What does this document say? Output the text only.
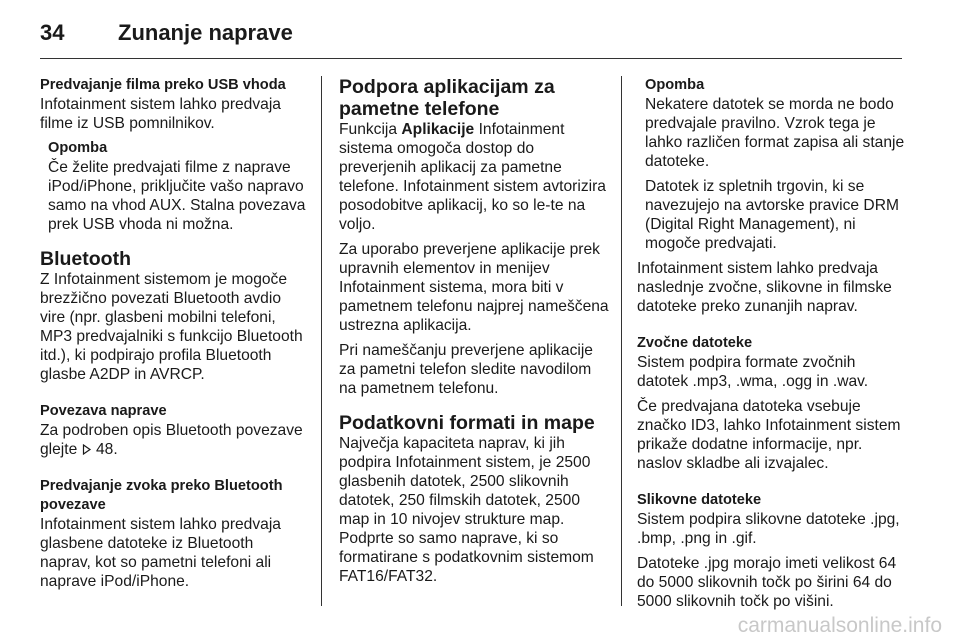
34 Zunanje naprave

Predvajanje filma preko USB vhoda

Infotainment sistem lahko predvaja filme iz USB pomnilnikov.

Opomba

Če želite predvajati filme z naprave iPod/iPhone, priključite vašo napravo samo na vhod AUX. Stalna povezava prek USB vhoda ni možna.

Bluetooth

Z Infotainment sistemom je mogoče brezžično povezati Bluetooth avdio vire (npr. glasbeni mobilni telefoni, MP3 predvajalniki s funkcijo Bluetooth itd.), ki podpirajo profila Bluetooth glasbe A2DP in AVRCP.

Povezava naprave

Za podroben opis Bluetooth povezave glejte 48.

Predvajanje zvoka preko Bluetooth povezave

Infotainment sistem lahko predvaja glasbene datoteke iz Bluetooth naprav, kot so pametni telefoni ali naprave iPod/iPhone.

Podpora aplikacijam za pametne telefone

Funkcija Aplikacije Infotainment sistema omogoča dostop do preverjenih aplikacij za pametne telefone. Infotainment sistem avtorizira posodobitve aplikacij, ko so le-te na voljo.

Za uporabo preverjene aplikacije prek upravnih elementov in menijev Infotainment sistema, mora biti v pametnem telefonu najprej nameščena ustrezna aplikacija.

Pri nameščanju preverjene aplikacije za pametni telefon sledite navodilom na pametnem telefonu.

Podatkovni formati in mape

Največja kapaciteta naprav, ki jih podpira Infotainment sistem, je 2500 glasbenih datotek, 2500 slikovnih datotek, 250 filmskih datotek, 2500 map in 10 nivojev strukture map. Podprte so samo naprave, ki so formatirane s podatkovnim sistemom FAT16/FAT32.

Opomba

Nekatere datotek se morda ne bodo predvajale pravilno. Vzrok tega je lahko različen format zapisa ali stanje datoteke.

Datotek iz spletnih trgovin, ki se navezujejo na avtorske pravice DRM (Digital Right Management), ni mogoče predvajati.

Infotainment sistem lahko predvaja naslednje zvočne, slikovne in filmske datoteke preko zunanjih naprav.

Zvočne datoteke

Sistem podpira formate zvočnih datotek .mp3, .wma, .ogg in .wav.

Če predvajana datoteka vsebuje značko ID3, lahko Infotainment sistem prikaže dodatne informacije, npr. naslov skladbe ali izvajalec.

Slikovne datoteke

Sistem podpira slikovne datoteke .jpg, .bmp, .png in .gif.

Datoteke .jpg morajo imeti velikost 64 do 5000 slikovnih točk po širini 64 do 5000 slikovnih točk po višini.

carmanualsonline.info
